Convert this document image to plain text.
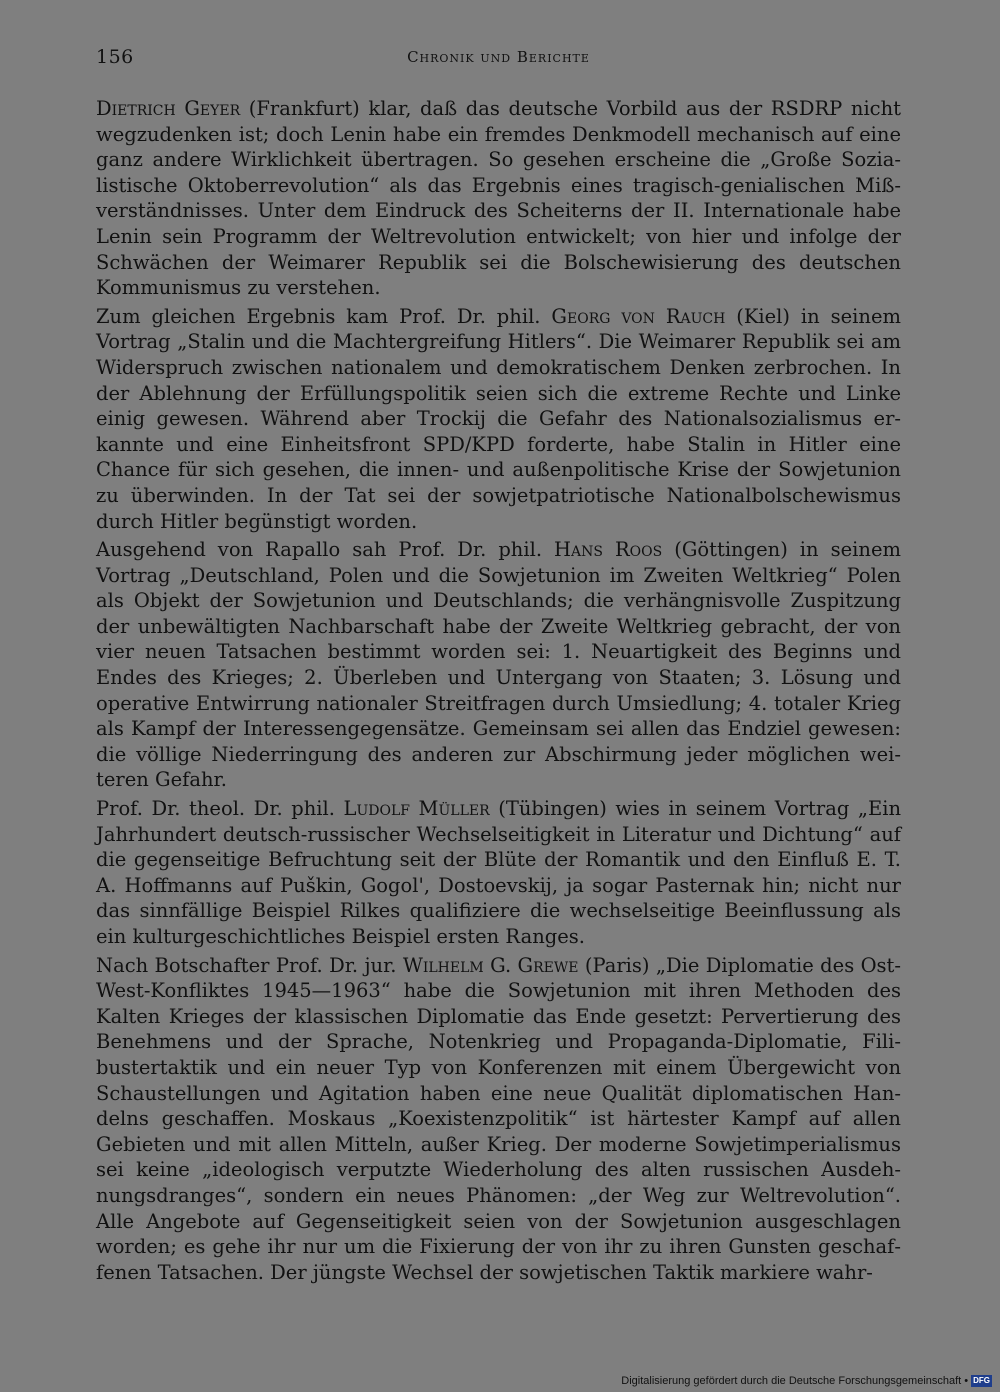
156	Chronik und Berichte

Dietrich Geyer (Frankfurt) klar, daß das deutsche Vorbild aus der RSDRP nicht wegzudenken ist; doch Lenin habe ein fremdes Denkmodell mechanisch auf eine ganz andere Wirklichkeit übertragen. So gesehen erscheine die „Große Sozialistische Oktoberrevolution“ als das Ergebnis eines tragisch-genialischen Mißverständnisses. Unter dem Eindruck des Scheiterns der II. Internationale habe Lenin sein Programm der Weltrevolution entwickelt; von hier und infolge der Schwächen der Weimarer Republik sei die Bolschewisierung des deutschen Kommunismus zu verstehen.

Zum gleichen Ergebnis kam Prof. Dr. phil. Georg von Rauch (Kiel) in seinem Vortrag „Stalin und die Machtergreifung Hitlers“. Die Weimarer Republik sei am Widerspruch zwischen nationalem und demokratischem Denken zerbrochen. In der Ablehnung der Erfüllungspolitik seien sich die extreme Rechte und Linke einig gewesen. Während aber Trockij die Gefahr des Nationalsozialismus erkannte und eine Einheitsfront SPD/KPD forderte, habe Stalin in Hitler eine Chance für sich gesehen, die innen- und außenpolitische Krise der Sowjetunion zu überwinden. In der Tat sei der sowjetpatriotische Nationalbolschewismus durch Hitler begünstigt worden.

Ausgehend von Rapallo sah Prof. Dr. phil. Hans Roos (Göttingen) in seinem Vortrag „Deutschland, Polen und die Sowjetunion im Zweiten Weltkrieg“ Polen als Objekt der Sowjetunion und Deutschlands; die verhängnisvolle Zuspitzung der unbewältigten Nachbarschaft habe der Zweite Weltkrieg gebracht, der von vier neuen Tatsachen bestimmt worden sei: 1. Neuartigkeit des Beginns und Endes des Krieges; 2. Überleben und Untergang von Staaten; 3. Lösung und operative Entwirrung nationaler Streitfragen durch Umsiedlung; 4. totaler Krieg als Kampf der Interessengegensätze. Gemeinsam sei allen das Endziel gewesen: die völlige Niederringung des anderen zur Abschirmung jeder möglichen weiteren Gefahr.

Prof. Dr. theol. Dr. phil. Ludolf Müller (Tübingen) wies in seinem Vortrag „Ein Jahrhundert deutsch-russischer Wechselseitigkeit in Literatur und Dichtung“ auf die gegenseitige Befruchtung seit der Blüte der Romantik und den Einfluß E. T. A. Hoffmanns auf Puškin, Gogol', Dostoevskij, ja sogar Pasternak hin; nicht nur das sinnfällige Beispiel Rilkes qualifiziere die wechselseitige Beeinflussung als ein kulturgeschichtliches Beispiel ersten Ranges.

Nach Botschafter Prof. Dr. jur. Wilhelm G. Grewe (Paris) „Die Diplomatie des Ost-West-Konfliktes 1945—1963“ habe die Sowjetunion mit ihren Methoden des Kalten Krieges der klassischen Diplomatie das Ende gesetzt: Pervertierung des Benehmens und der Sprache, Notenkrieg und Propaganda-Diplomatie, Filibustertaktik und ein neuer Typ von Konferenzen mit einem Übergewicht von Schaustellungen und Agitation haben eine neue Qualität diplomatischen Handelns geschaffen. Moskaus „Koexistenzpolitik“ ist härtester Kampf auf allen Gebieten und mit allen Mitteln, außer Krieg. Der moderne Sowjetimperialismus sei keine „ideologisch verputzte Wiederholung des alten russischen Ausdehnungsdranges“, sondern ein neues Phänomen: „der Weg zur Weltrevolution“. Alle Angebote auf Gegenseitigkeit seien von der Sowjetunion ausgeschlagen worden; es gehe ihr nur um die Fixierung der von ihr zu ihren Gunsten geschaffenen Tatsachen. Der jüngste Wechsel der sowjetischen Taktik markiere wahr-

Digitalisierung gefördert durch die Deutsche Forschungsgemeinschaft • DFG
